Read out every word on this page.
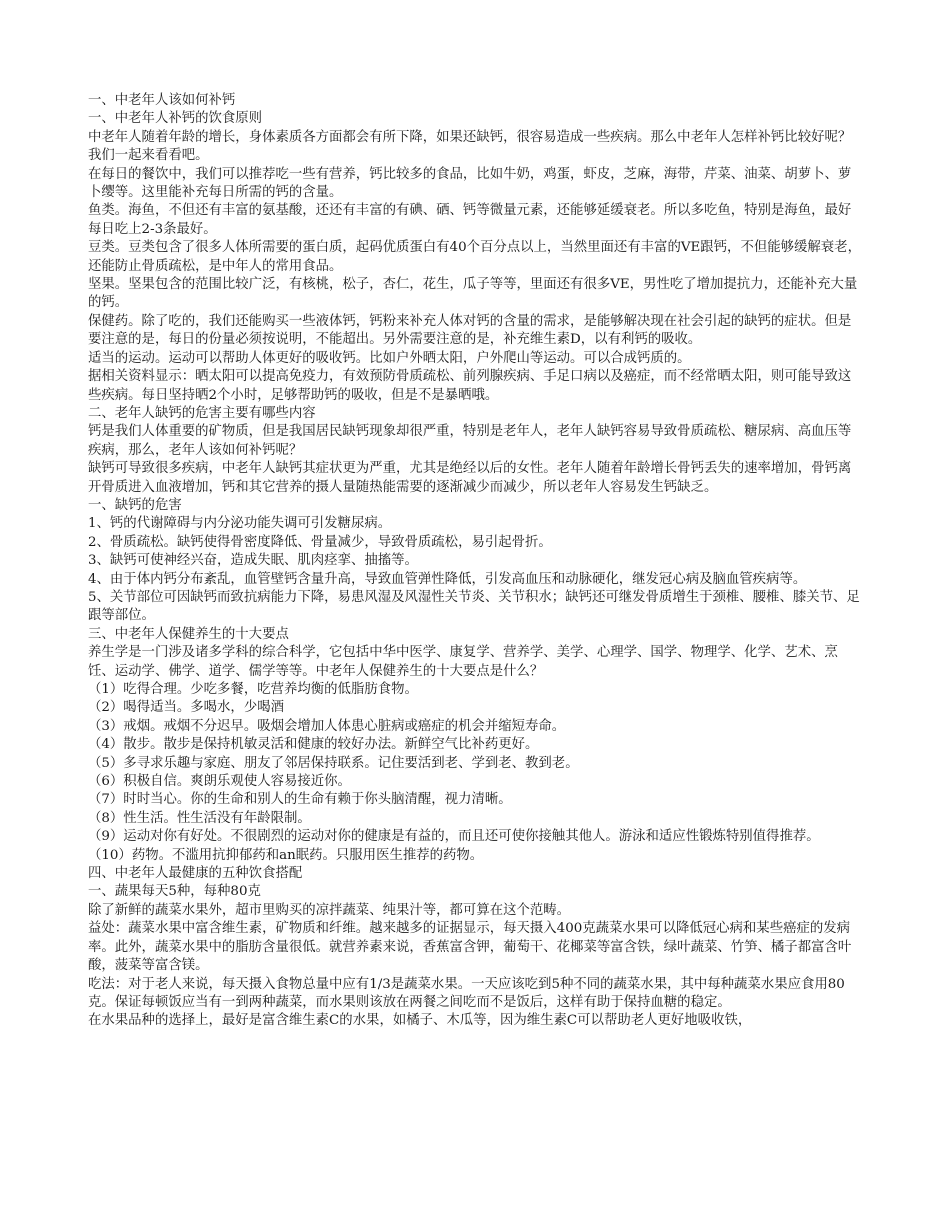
一、中老年人该如何补钙

一、中老年人补钙的饮食原则

中老年人随着年龄的增长，身体素质各方面都会有所下降，如果还缺钙，很容易造成一些疾病。那么中老年人怎样补钙比较好呢？我们一起来看看吧。

在每日的餐饮中，我们可以推荐吃一些有营养，钙比较多的食品，比如牛奶，鸡蛋，虾皮，芝麻，海带，芹菜、油菜、胡萝卜、萝卜缨等。这里能补充每日所需的钙的含量。

鱼类。海鱼，不但还有丰富的氨基酸，还还有丰富的有碘、硒、钙等微量元素，还能够延缓衰老。所以多吃鱼，特别是海鱼，最好每日吃上2-3条最好。

豆类。豆类包含了很多人体所需要的蛋白质，起码优质蛋白有40个百分点以上，当然里面还有丰富的VE跟钙，不但能够缓解衰老，还能防止骨质疏松，是中年人的常用食品。

坚果。坚果包含的范围比较广泛，有核桃，松子，杏仁，花生，瓜子等等，里面还有很多VE，男性吃了增加提抗力，还能补充大量的钙。

保健药。除了吃的，我们还能购买一些液体钙，钙粉来补充人体对钙的含量的需求，是能够解决现在社会引起的缺钙的症状。但是要注意的是，每日的份量必须按说明，不能超出。另外需要注意的是，补充维生素D，以有利钙的吸收。

适当的运动。运动可以帮助人体更好的吸收钙。比如户外晒太阳，户外爬山等运动。可以合成钙质的。

据相关资料显示：晒太阳可以提高免疫力，有效预防骨质疏松、前列腺疾病、手足口病以及癌症，而不经常晒太阳，则可能导致这些疾病。每日坚持晒2个小时，足够帮助钙的吸收，但是不是暴晒哦。

二、老年人缺钙的危害主要有哪些内容

钙是我们人体重要的矿物质，但是我国居民缺钙现象却很严重，特别是老年人，老年人缺钙容易导致骨质疏松、糖尿病、高血压等疾病，那么，老年人该如何补钙呢？

缺钙可导致很多疾病，中老年人缺钙其症状更为严重，尤其是绝经以后的女性。老年人随着年龄增长骨钙丢失的速率增加，骨钙离开骨质进入血液增加，钙和其它营养的摄人量随热能需要的逐渐减少而减少，所以老年人容易发生钙缺乏。

一、缺钙的危害

1、钙的代谢障碍与内分泌功能失调可引发糖尿病。

2、骨质疏松。缺钙使得骨密度降低、骨量减少，导致骨质疏松，易引起骨折。

3、缺钙可使神经兴奋，造成失眠、肌肉痉挛、抽搐等。

4、由于体内钙分布紊乱，血管壁钙含量升高，导致血管弹性降低，引发高血压和动脉硬化，继发冠心病及脑血管疾病等。

5、关节部位可因缺钙而致抗病能力下降，易患风湿及风湿性关节炎、关节积水；缺钙还可继发骨质增生于颈椎、腰椎、膝关节、足跟等部位。

三、中老年人保健养生的十大要点

养生学是一门涉及诸多学科的综合科学，它包括中华中医学、康复学、营养学、美学、心理学、国学、物理学、化学、艺术、烹饪、运动学、佛学、道学、儒学等等。中老年人保健养生的十大要点是什么？

（1）吃得合理。少吃多餐，吃营养均衡的低脂肪食物。

（2）喝得适当。多喝水，少喝酒

（3）戒烟。戒烟不分迟早。吸烟会增加人体患心脏病或癌症的机会并缩短寿命。

（4）散步。散步是保持机敏灵活和健康的较好办法。新鲜空气比补药更好。

（5）多寻求乐趣与家庭、朋友了邻居保持联系。记住要活到老、学到老、教到老。

（6）积极自信。爽朗乐观使人容易接近你。

（7）时时当心。你的生命和别人的生命有赖于你头脑清醒，视力清晰。

（8）性生活。性生活没有年龄限制。

（9）运动对你有好处。不很剧烈的运动对你的健康是有益的，而且还可使你接触其他人。游泳和适应性锻炼特别值得推荐。

（10）药物。不滥用抗抑郁药和an眠药。只服用医生推荐的药物。

四、中老年人最健康的五种饮食搭配

一、蔬果每天5种，每种80克

除了新鲜的蔬菜水果外，超市里购买的凉拌蔬菜、纯果汁等，都可算在这个范畴。

益处：蔬菜水果中富含维生素，矿物质和纤维。越来越多的证据显示，每天摄入400克蔬菜水果可以降低冠心病和某些癌症的发病率。此外，蔬菜水果中的脂肪含量很低。就营养素来说，香蕉富含钾，葡萄干、花椰菜等富含铁，绿叶蔬菜、竹笋、橘子都富含叶酸，菠菜等富含镁。

吃法：对于老人来说，每天摄入食物总量中应有1/3是蔬菜水果。一天应该吃到5种不同的蔬菜水果，其中每种蔬菜水果应食用80克。保证每顿饭应当有一到两种蔬菜，而水果则该放在两餐之间吃而不是饭后，这样有助于保持血糖的稳定。

在水果品种的选择上，最好是富含维生素C的水果，如橘子、木瓜等，因为维生素C可以帮助老人更好地吸收铁，
